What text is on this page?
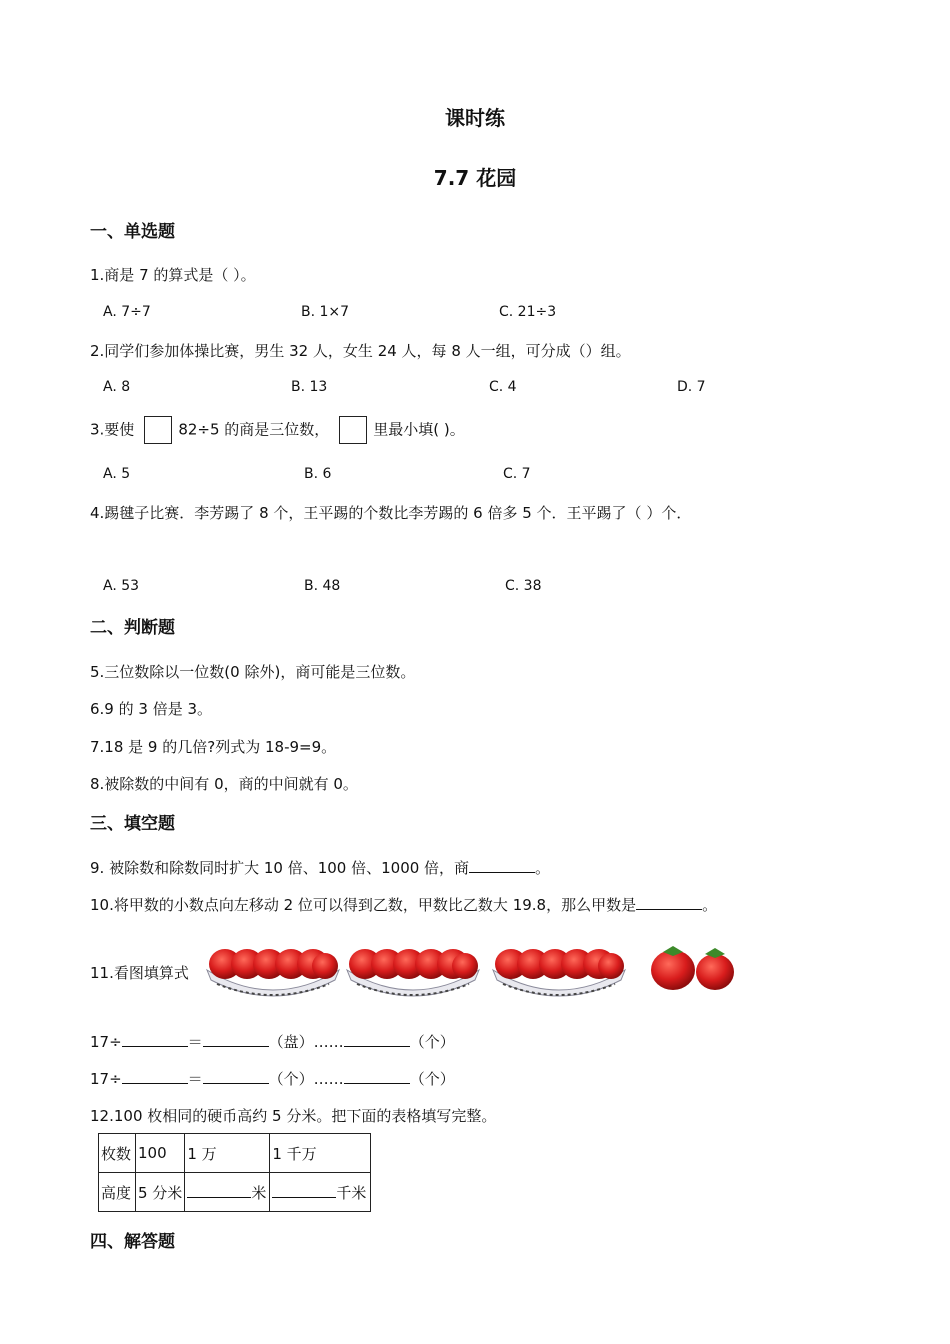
课时练
7.7 花园
一、单选题
1.商是 7 的算式是（ ）。
A. 7÷7	B. 1×7	C. 21÷3
2.同学们参加体操比赛，男生 32 人，女生 24 人，每 8 人一组，可分成（）组。
A. 8	B. 13	C. 4	D. 7
3.要使	82÷5 的商是三位数，	里最小填( )。
A. 5	B. 6	C. 7
4.踢毽子比赛．李芳踢了 8 个，王平踢的个数比李芳踢的 6 倍多 5 个．王平踢了（ ）个．
A. 53	B. 48	C. 38
二、判断题
5.三位数除以一位数(0 除外)，商可能是三位数。
6.9 的 3 倍是 3。
7.18 是 9 的几倍?列式为 18-9=9。
8.被除数的中间有 0，商的中间就有 0。
三、填空题
9. 被除数和除数同时扩大 10 倍、100 倍、1000 倍，商	。
10.将甲数的小数点向左移动 2 位可以得到乙数，甲数比乙数大 19.8，那么甲数是	。
11.看图填算式
17÷	＝	（盘）……	（个）
17÷	＝	（个）……	（个）
12.100 枚相同的硬币高约 5 分米。把下面的表格填写完整。
枚数	100	1 万	1 千万
高度	5 分米	米	千米
四、解答题
